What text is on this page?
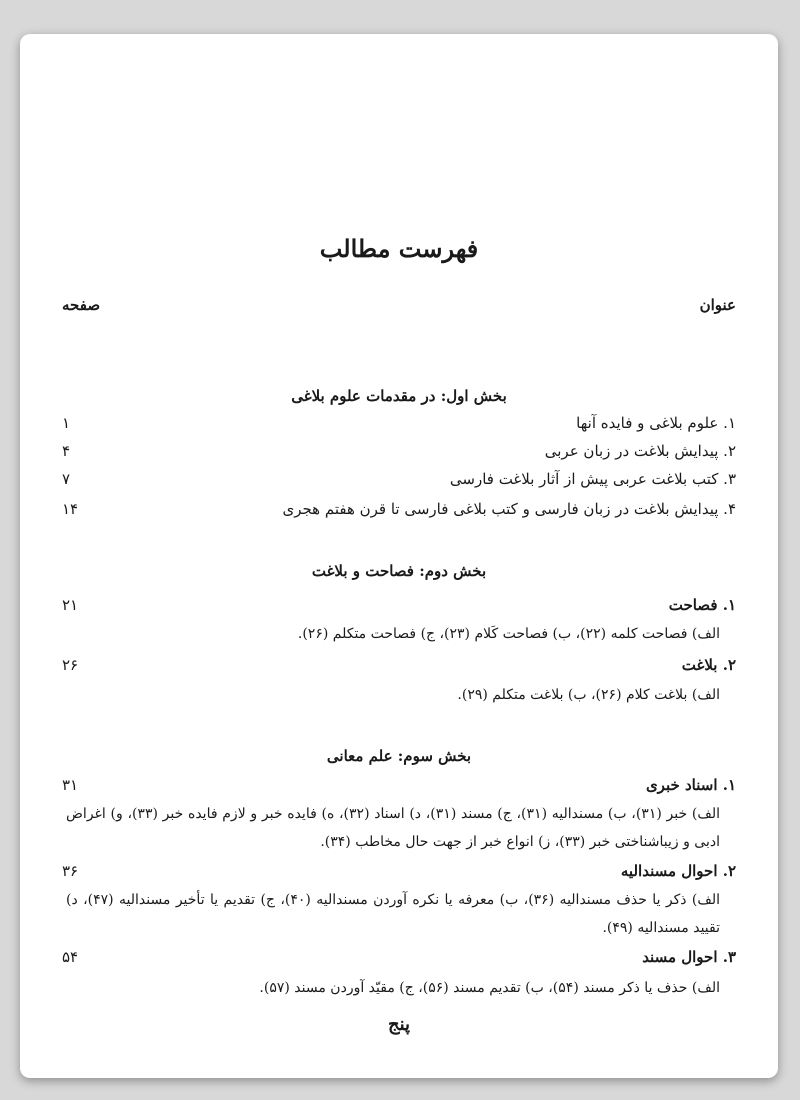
فهرست مطالب
عنوان
صفحه
بخش اول: در مقدمات علوم بلاغی
۱. علوم بلاغی و فایده آنها
۱
۲. پیدایش بلاغت در زبان عربی
۴
۳. کتب بلاغت عربی پیش از آثار بلاغت فارسی
۷
۴. پیدایش بلاغت در زبان فارسی و کتب بلاغی فارسی تا قرن هفتم هجری
۱۴
بخش دوم: فصاحت و بلاغت
۱. فصاحت
۲۱
الف) فصاحت کلمه (۲۲)، ب) فصاحت کَلام (۲۳)، ج) فصاحت متکلم (۲۶).
۲. بلاغت
۲۶
الف) بلاغت کلام (۲۶)، ب) بلاغت متکلم (۲۹).
بخش سوم: علم معانی
۱. اسناد خبری
۳۱
الف) خبر (۳۱)، ب) مسندالیه (۳۱)، ج) مسند (۳۱)، د) اسناد (۳۲)، ه) فایده خبر و لازم فایده خبر (۳۳)، و) اغراض ادبی و زیباشناختی خبر (۳۳)، ز) انواع خبر از جهت حال مخاطب (۳۴).
۲. احوال مسندالیه
۳۶
الف) ذکر یا حذف مسندالیه (۳۶)، ب) معرفه یا نکره آوردن مسندالیه (۴۰)، ج) تقدیم یا تأخیر مسندالیه (۴۷)، د) تقیید مسندالیه (۴۹).
۳. احوال مسند
۵۴
الف) حذف یا ذکر مسند (۵۴)، ب) تقدیم مسند (۵۶)، ج) مقیّد آوردن مسند (۵۷).
پنج
